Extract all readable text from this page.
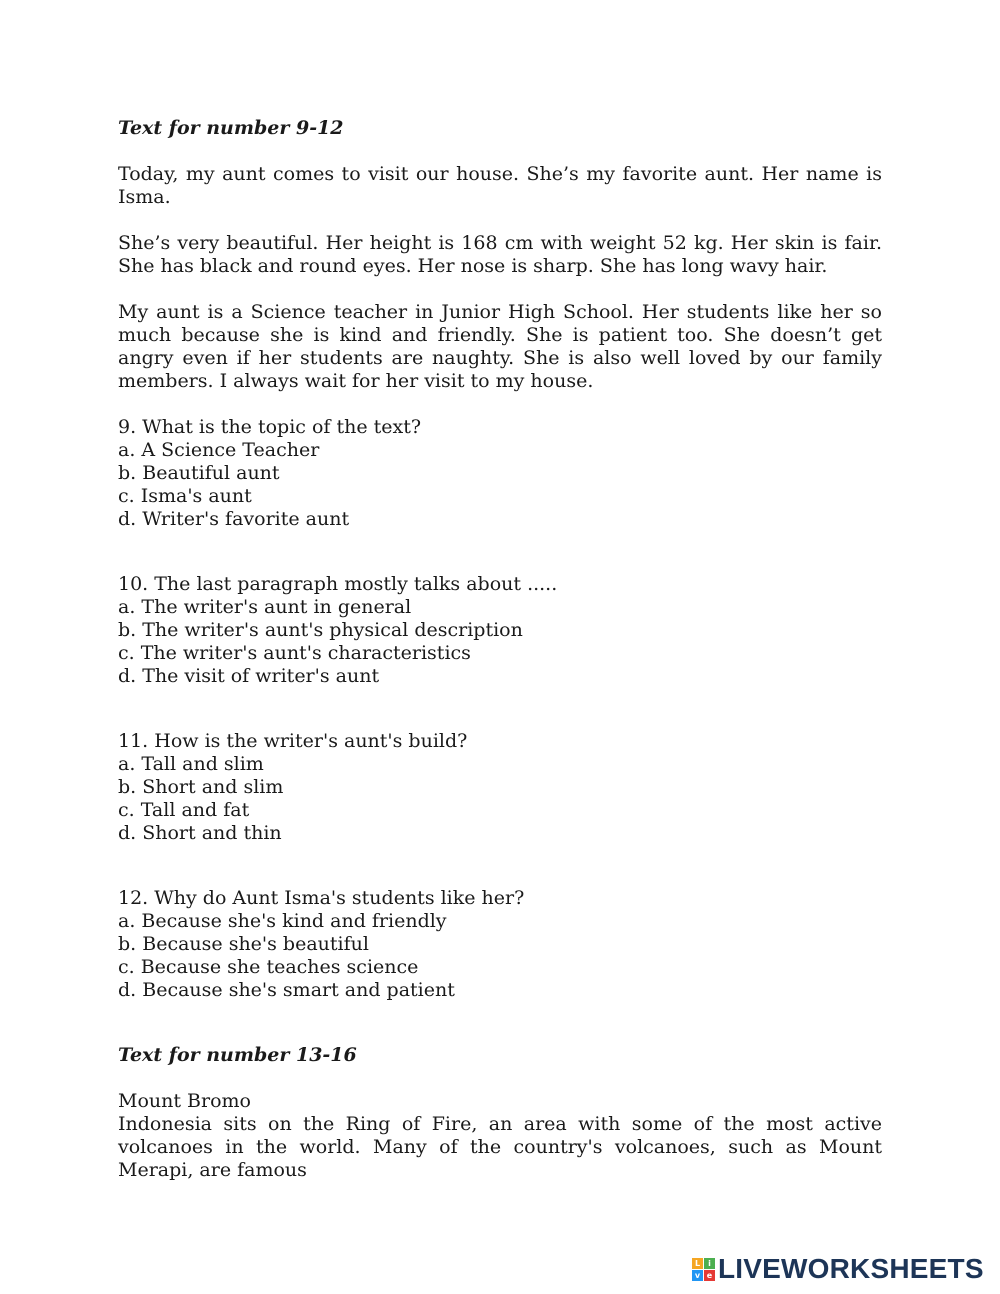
Text for number 9-12
Today, my aunt comes to visit our house. She’s my favorite aunt. Her name is Isma.
She’s very beautiful. Her height is 168 cm with weight 52 kg. Her skin is fair. She has black and round eyes. Her nose is sharp. She has long wavy hair.
My aunt is a Science teacher in Junior High School. Her students like her so much because she is kind and friendly. She is patient too. She doesn’t get angry even if her students are naughty. She is also well loved by our family members. I always wait for her visit to my house.
9. What is the topic of the text?
a. A Science Teacher
b. Beautiful aunt
c. Isma's aunt
d. Writer's favorite aunt
10. The last paragraph mostly talks about .....
a. The writer's aunt in general
b. The writer's aunt's physical description
c. The writer's aunt's characteristics
d. The visit of writer's aunt
11. How is the writer's aunt's build?
a. Tall and slim
b. Short and slim
c. Tall and fat
d. Short and thin
12. Why do Aunt Isma's students like her?
a. Because she's kind and friendly
b. Because she's beautiful
c. Because she teaches science
d. Because she's smart and patient
Text for number 13-16
Mount Bromo
Indonesia sits on the Ring of Fire, an area with some of the most active volcanoes in the world. Many of the country's volcanoes, such as Mount Merapi, are famous
L	i
v e LIVEWORKSHEETS
